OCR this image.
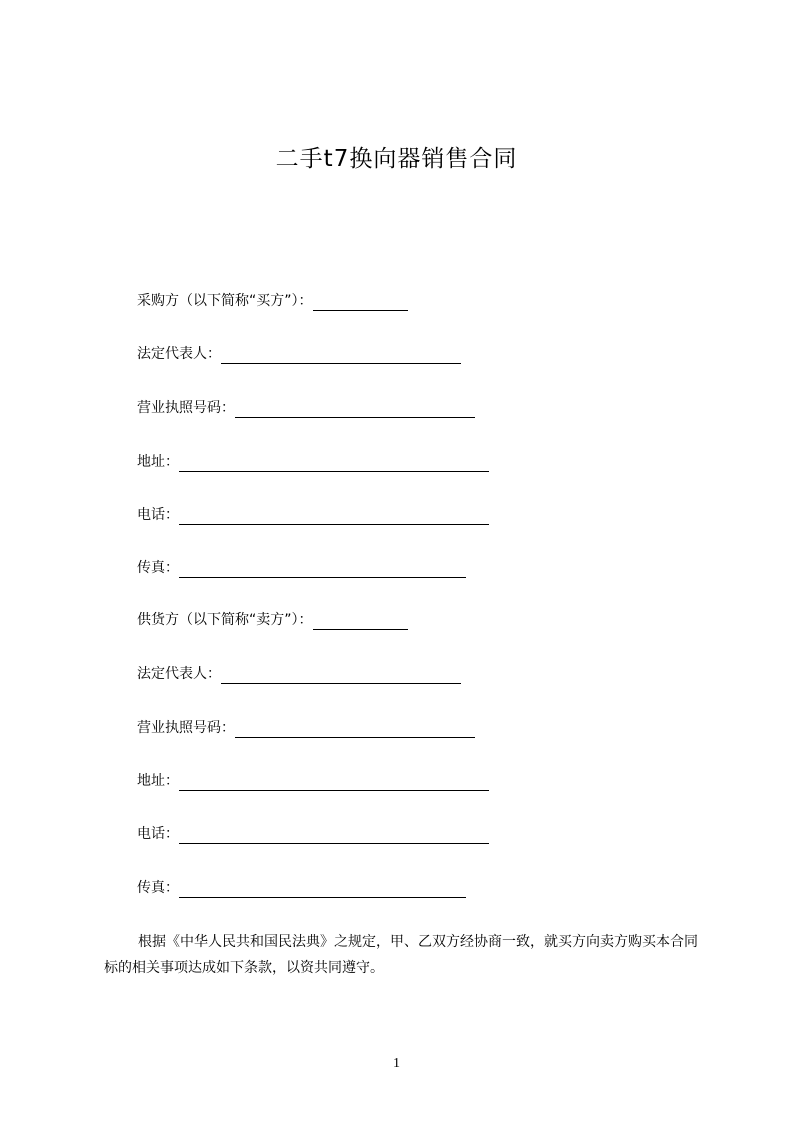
二手t7换向器销售合同
采购方（以下简称“买方”）：
法定代表人：
营业执照号码：
地址：
电话：
传真：
供货方（以下简称“卖方”）：
法定代表人：
营业执照号码：
地址：
电话：
传真：
根据《中华人民共和国民法典》之规定，甲、乙双方经协商一致，就买方向卖方购买本合同标的相关事项达成如下条款，以资共同遵守。
1
